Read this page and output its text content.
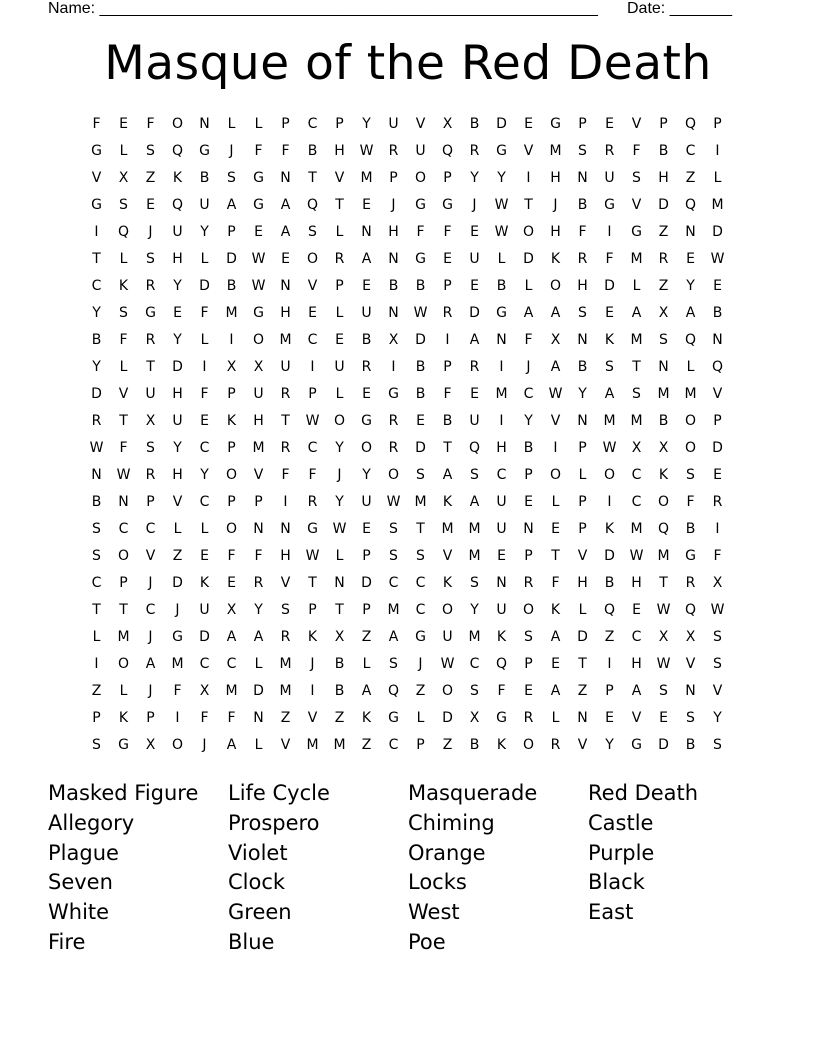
Name: ________________________________________________________ Date: _______
Masque of the Red Death
F	E	F	O	N	L	L	P	C	P	Y	U	V	X	B	D	E	G	P	E	V	P	Q	P
G	L	S	Q	G	J	F	F	B	H	W	R	U	Q	R	G	V	M	S	R	F	B	C	I
V	X	Z	K	B	S	G	N	T	V	M	P	O	P	Y	Y	I	H	N	U	S	H	Z	L
G	S	E	Q	U	A	G	A	Q	T	E	J	G	G	J	W	T	J	B	G	V	D	Q	M
I	Q	J	U	Y	P	E	A	S	L	N	H	F	F	E	W	O	H	F	I	G	Z	N	D
T	L	S	H	L	D	W	E	O	R	A	N	G	E	U	L	D	K	R	F	M	R	E	W
C	K	R	Y	D	B	W	N	V	P	E	B	B	P	E	B	L	O	H	D	L	Z	Y	E
Y	S	G	E	F	M	G	H	E	L	U	N	W	R	D	G	A	A	S	E	A	X	A	B
B	F	R	Y	L	I	O	M	C	E	B	X	D	I	A	N	F	X	N	K	M	S	Q	N
Y	L	T	D	I	X	X	U	I	U	R	I	B	P	R	I	J	A	B	S	T	N	L	Q
D	V	U	H	F	P	U	R	P	L	E	G	B	F	E	M	C	W	Y	A	S	M	M	V
R	T	X	U	E	K	H	T	W	O	G	R	E	B	U	I	Y	V	N	M	M	B	O	P
W	F	S	Y	C	P	M	R	C	Y	O	R	D	T	Q	H	B	I	P	W	X	X	O	D
N	W	R	H	Y	O	V	F	F	J	Y	O	S	A	S	C	P	O	L	O	C	K	S	E
B	N	P	V	C	P	P	I	R	Y	U	W	M	K	A	U	E	L	P	I	C	O	F	R
S	C	C	L	L	O	N	N	G	W	E	S	T	M	M	U	N	E	P	K	M	Q	B	I
S	O	V	Z	E	F	F	H	W	L	P	S	S	V	M	E	P	T	V	D	W	M	G	F
C	P	J	D	K	E	R	V	T	N	D	C	C	K	S	N	R	F	H	B	H	T	R	X
T	T	C	J	U	X	Y	S	P	T	P	M	C	O	Y	U	O	K	L	Q	E	W	Q	W
L	M	J	G	D	A	A	R	K	X	Z	A	G	U	M	K	S	A	D	Z	C	X	X	S
I	O	A	M	C	C	L	M	J	B	L	S	J	W	C	Q	P	E	T	I	H	W	V	S
Z	L	J	F	X	M	D	M	I	B	A	Q	Z	O	S	F	E	A	Z	P	A	S	N	V
P	K	P	I	F	F	N	Z	V	Z	K	G	L	D	X	G	R	L	N	E	V	E	S	Y
S	G	X	O	J	A	L	V	M	M	Z	C	P	Z	B	K	O	R	V	Y	G	D	B	S
Masked Figure	Life Cycle	Masquerade	Red Death
Allegory	Prospero	Chiming	Castle
Plague	Violet	Orange	Purple
Seven	Clock	Locks	Black
White	Green	West	East
Fire	Blue	Poe
